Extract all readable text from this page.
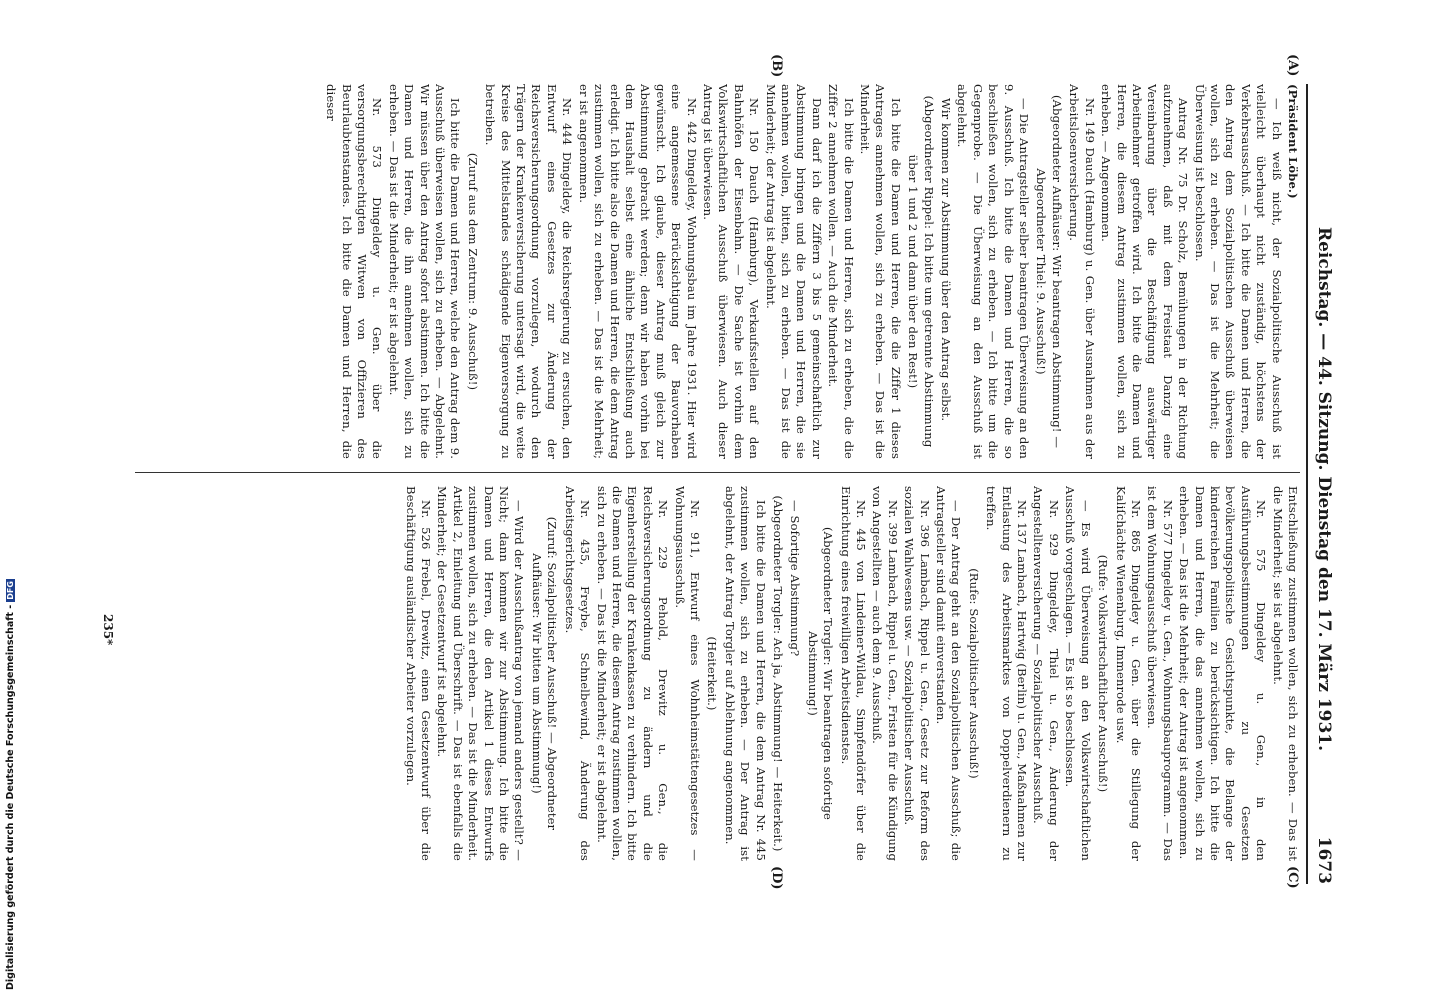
Reichstag. — 44. Sitzung. Dienstag den 17. März 1931.
1673
(A)
(B)
(C)
(D)

(Präsident Löbe.)

— Ich weiß nicht, der Sozialpolitische Ausschuß ist vielleicht überhaupt nicht zuständig, höchstens der Verkehrsausschuß. — Ich bitte die Damen und Herren, die den Antrag dem Sozialpolitischen Ausschuß überweisen wollen, sich zu erheben. — Das ist die Mehrheit; die Überweisung ist beschlossen.

Antrag Nr. 75 Dr. Scholz, Bemühungen in der Richtung aufzunehmen, daß mit dem Freistaat Danzig eine Vereinbarung über die Beschäftigung auswärtiger Arbeitnehmer getroffen wird. Ich bitte die Damen und Herren, die diesem Antrag zustimmen wollen, sich zu erheben. — Angenommen.

Nr. 149 Dauch (Hamburg) u. Gen. über Ausnahmen aus der Arbeitslosenversicherung.

(Abgeordneter Aufhäuser: Wir beantragen Abstimmung! — Abgeordneter Thiel: 9. Ausschuß!)

— Die Antragsteller selber beantragen Überweisung an den 9. Ausschuß. Ich bitte die Damen und Herren, die so beschließen wollen, sich zu erheben. — Ich bitte um die Gegenprobe. — Die Überweisung an den Ausschuß ist abgelehnt.

Wir kommen zur Abstimmung über den Antrag selbst.

(Abgeordneter Rippel: Ich bitte um getrennte Abstimmung über 1 und 2 und dann über den Rest!)

Ich bitte die Damen und Herren, die die Ziffer 1 dieses Antrages annehmen wollen, sich zu erheben. — Das ist die Minderheit.

Ich bitte die Damen und Herren, sich zu erheben, die die Ziffer 2 annehmen wollen. — Auch die Minderheit.

Dann darf ich die Ziffern 3 bis 5 gemeinschaftlich zur Abstimmung bringen und die Damen und Herren, die sie annehmen wollen, bitten, sich zu erheben. — Das ist die Minderheit; der Antrag ist abgelehnt.

Nr. 150 Dauch (Hamburg), Verkaufsstellen auf den Bahnhöfen der Eisenbahn. — Die Sache ist vorhin dem Volkswirtschaftlichen Ausschuß überwiesen. Auch dieser Antrag ist überwiesen.

Nr. 442 Dingeldey, Wohnungsbau im Jahre 1931. Hier wird eine angemessene Berücksichtigung der Bauvorhaben gewünscht. Ich glaube, dieser Antrag muß gleich zur Abstimmung gebracht werden; denn wir haben vorhin bei dem Haushalt selbst eine ähnliche Entschließung auch erledigt. Ich bitte also die Damen und Herren, die dem Antrag zustimmen wollen, sich zu erheben. — Das ist die Mehrheit; er ist angenommen.

Nr. 444 Dingeldey, die Reichsregierung zu ersuchen, den Entwurf eines Gesetzes zur Änderung der Reichsversicherungsordnung vorzulegen, wodurch den Trägern der Krankenversicherung untersagt wird, die weite Kreise des Mittelstandes schädigende Eigenversorgung zu betreiben.

(Zuruf aus dem Zentrum: 9. Ausschuß!)

Ich bitte die Damen und Herren, welche den Antrag dem 9. Ausschuß überweisen wollen, sich zu erheben. — Abgelehnt. Wir müssen über den Antrag sofort abstimmen. Ich bitte die Damen und Herren, die ihn annehmen wollen, sich zu erheben. — Das ist die Minderheit; er ist abgelehnt.

Nr. 573 Dingeldey u. Gen. über die versorgungsberechtigten Witwen von Offizieren des Beurlaubtenstandes. Ich bitte die Damen und Herren, die dieser

Entschließung zustimmen wollen, sich zu erheben. — Das ist die Minderheit; sie ist abgelehnt.

Nr. 575 Dingeldey u. Gen., in den Ausführungsbestimmungen zu Gesetzen bevölkerungspolitische Gesichtspunkte, die Belange der kinderreichen Familien zu berücksichtigen. Ich bitte die Damen und Herren, die das annehmen wollen, sich zu erheben. — Das ist die Mehrheit; der Antrag ist angenommen.

Nr. 577 Dingeldey u. Gen., Wohnungsbauprogramm. — Das ist dem Wohnungsausschuß überwiesen.

Nr. 865 Dingeldey u. Gen. über die Stillegung der Kaliſchächte Wienenburg, Immenrode usw.

(Rufe: Volkswirtschaftlicher Ausschuß!)

— Es wird Überweisung an den Volkswirtschaftlichen Ausschuß vorgeschlagen. — Es ist so beschlossen.

Nr. 929 Dingeldey, Thiel u. Gen., Änderung der Angestelltenversicherung — Sozialpolitischer Ausschuß.

Nr. 137 Lambach, Hartwig (Berlin) u. Gen., Maßnahmen zur Entlastung des Arbeitsmarktes von Doppelverdienern zu treffen.

(Rufe: Sozialpolitischer Ausschuß!)

— Der Antrag geht an den Sozialpolitischen Ausschuß; die Antragsteller sind damit einverstanden.

Nr. 396 Lambach, Rippel u. Gen., Gesetz zur Reform des sozialen Wahlwesens usw. — Sozialpolitischer Ausschuß.

Nr. 399 Lambach, Rippel u. Gen., Fristen für die Kündigung von Angestellten — auch dem 9. Ausschuß.

Nr. 445 von Lindeiner-Wildau, Simpfendörfer über die Einrichtung eines freiwilligen Arbeitsdienstes.

(Abgeordneter Torgler: Wir beantragen sofortige Abstimmung!)

— Sofortige Abstimmung?

(Abgeordneter Torgler: Ach ja, Abstimmung! — Heiterkeit.)

Ich bitte die Damen und Herren, die dem Antrag Nr. 445 zustimmen wollen, sich zu erheben. — Der Antrag ist abgelehnt, der Antrag Torgler auf Ablehnung angenommen.

(Heiterkeit.)

Nr. 911, Entwurf eines Wohnheimstättengesetzes — Wohnungsausschuß.

Nr. 229 Pehold, Drewitz u. Gen., die Reichsversicherungsordnung zu ändern und die Eigenherstellung der Krankenkassen zu verhindern. Ich bitte die Damen und Herren, die diesem Antrag zustimmen wollen, sich zu erheben. — Das ist die Minderheit; er ist abgelehnt.

Nr. 435, Freybe, Schnelbewind, Änderung des Arbeitsgerichtsgesetzes.

(Zuruf: Sozialpolitischer Ausschuß! — Abgeordneter Aufhäuser: Wir bitten um Abstimmung!)

— Wird der Ausschußantrag von jemand anders gestellt? — Nicht; dann kommen wir zur Abstimmung. Ich bitte die Damen und Herren, die den Artikel 1 dieses Entwurfs zustimmen wollen, sich zu erheben. — Das ist die Minderheit. Artikel 2, Einleitung und Überschrift. — Das ist ebenfalls die Minderheit; der Gesetzentwurf ist abgelehnt.

Nr. 526 Frebel, Drewitz, einen Gesetzentwurf über die Beschäftigung ausländischer Arbeiter vorzulegen.

235*
Digitalisierung gefördert durch die Deutsche Forschungsgemeinschaft -DFG
